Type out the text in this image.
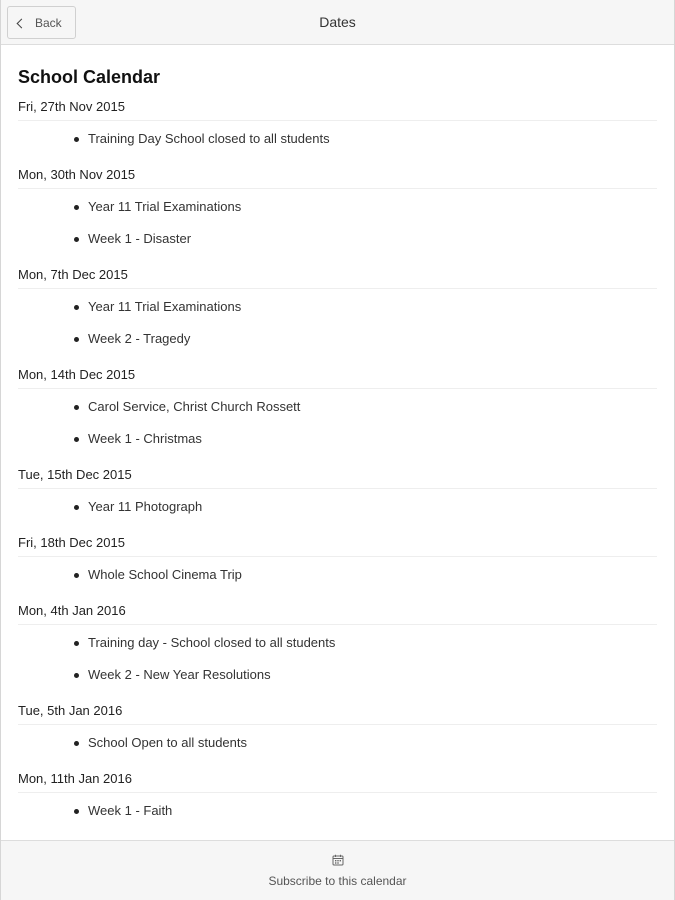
Back	Dates
School Calendar
Fri, 27th Nov 2015
Training Day School closed to all students
Mon, 30th Nov 2015
Year 11 Trial Examinations
Week 1 - Disaster
Mon, 7th Dec 2015
Year 11 Trial Examinations
Week 2 - Tragedy
Mon, 14th Dec 2015
Carol Service, Christ Church Rossett
Week 1 - Christmas
Tue, 15th Dec 2015
Year 11 Photograph
Fri, 18th Dec 2015
Whole School Cinema Trip
Mon, 4th Jan 2016
Training day - School closed to all students
Week 2 - New Year Resolutions
Tue, 5th Jan 2016
School Open to all students
Mon, 11th Jan 2016
Week 1 - Faith
Subscribe to this calendar
